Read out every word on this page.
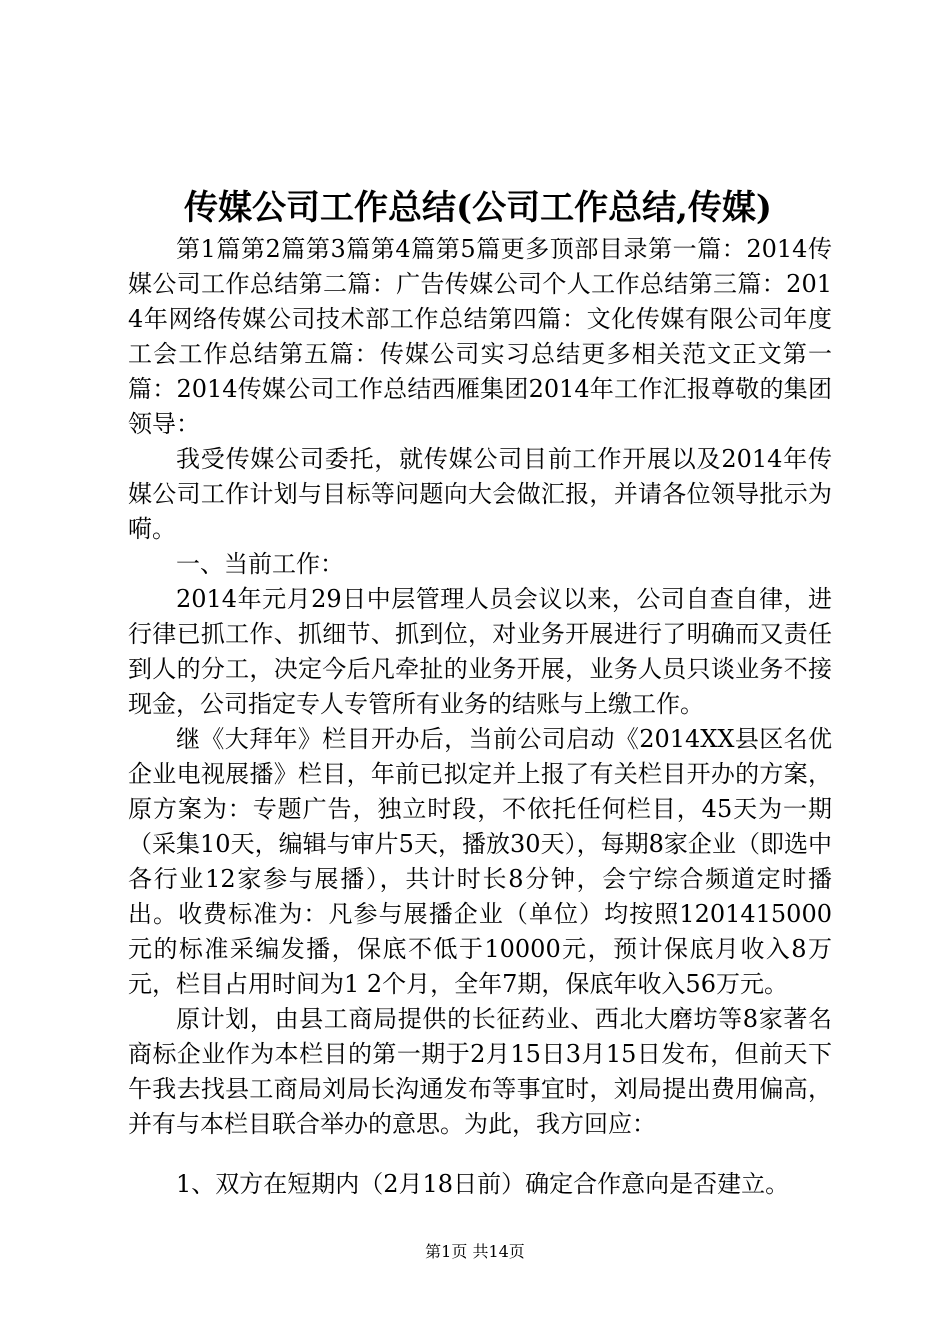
传媒公司工作总结(公司工作总结,传媒)

第1篇第2篇第3篇第4篇第5篇更多顶部目录第一篇：2014传媒公司工作总结第二篇：广告传媒公司个人工作总结第三篇：2014年网络传媒公司技术部工作总结第四篇：文化传媒有限公司年度工会工作总结第五篇：传媒公司实习总结更多相关范文正文第一篇：2014传媒公司工作总结西雁集团2014年工作汇报尊敬的集团领导：

我受传媒公司委托，就传媒公司目前工作开展以及2014年传媒公司工作计划与目标等问题向大会做汇报，并请各位领导批示为嗬。

一、当前工作：

2014年元月29日中层管理人员会议以来，公司自查自律，进行律已抓工作、抓细节、抓到位，对业务开展进行了明确而又责任到人的分工，决定今后凡牵扯的业务开展，业务人员只谈业务不接现金，公司指定专人专管所有业务的结账与上缴工作。

继《大拜年》栏目开办后，当前公司启动《2014XX县区名优企业电视展播》栏目，年前已拟定并上报了有关栏目开办的方案，原方案为：专题广告，独立时段，不依托任何栏目，45天为一期（采集10天，编辑与审片5天，播放30天），每期8家企业（即选中各行业12家参与展播），共计时长8分钟，会宁综合频道定时播出。收费标准为：凡参与展播企业（单位）均按照1201415000元的标准采编发播，保底不低于10000元，预计保底月收入8万元，栏目占用时间为1 2个月，全年7期，保底年收入56万元。

原计划，由县工商局提供的长征药业、西北大磨坊等8家著名商标企业作为本栏目的第一期于2月15日3月15日发布，但前天下午我去找县工商局刘局长沟通发布等事宜时，刘局提出费用偏高，并有与本栏目联合举办的意思。为此，我方回应：

1、双方在短期内（2月18日前）确定合作意向是否建立。

第1页 共14页
